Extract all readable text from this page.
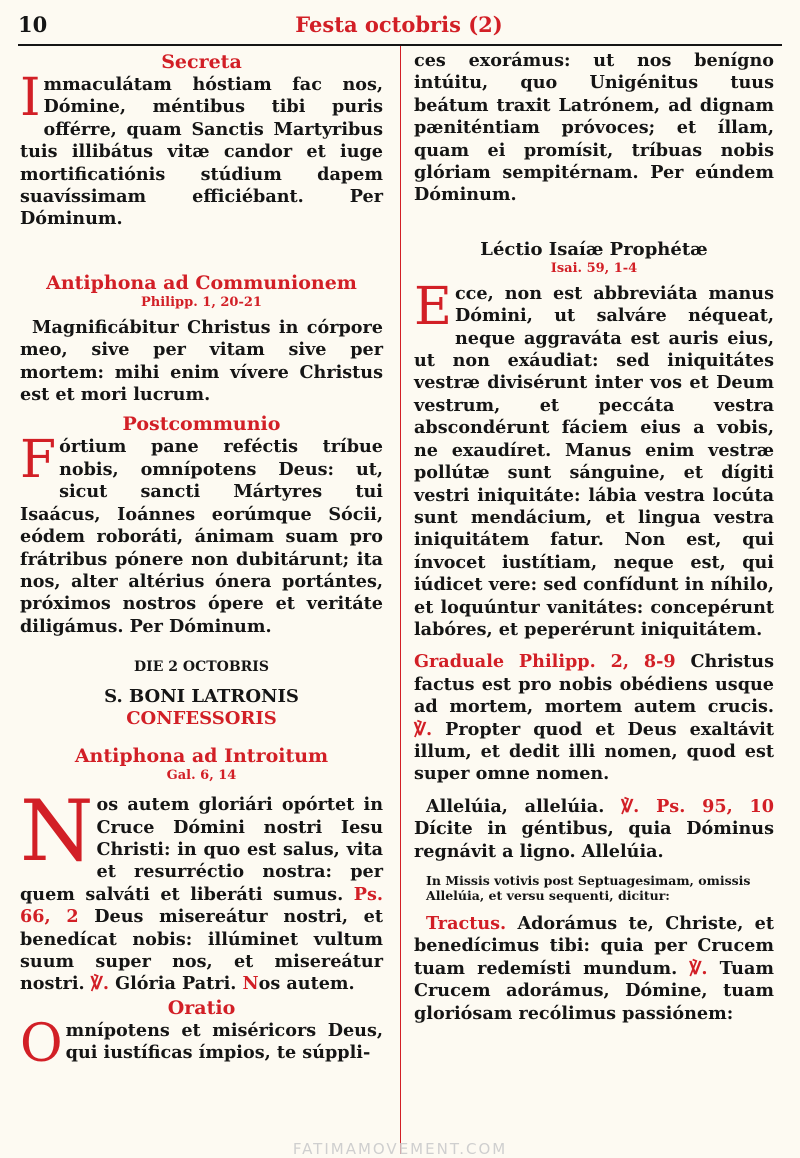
10	Festa octobris (2)
Secreta

Immaculátam hóstiam fac nos, Dómine, méntibus tibi puris offérre, quam Sanctis Martyribus tuis illibátus vitæ candor et iuge mortificatiónis stúdium dapem suavíssimam efficiébant. Per Dóminum.

Antiphona ad Communionem
Philipp. 1, 20-21

Magnificábitur Christus in córpore meo, sive per vitam sive per mortem: mihi enim vívere Christus est et mori lucrum.

Postcommunio

Fórtium pane reféctis tríbue nobis, omnípotens Deus: ut, sicut sancti Mártyres tui Isaácus, Ioánnes eorúmque Sócii, eódem roboráti, ánimam suam pro frátribus pónere non dubitárunt; ita nos, alter altérius ónera portántes, próximos nostros ópere et veritáte diligámus. Per Dóminum.

DIE 2 OCTOBRIS
S. BONI LATRONIS
CONFESSORIS
Antiphona ad Introitum
Gal. 6, 14

Nos autem gloriári opórtet in Cruce Dómini nostri Iesu Christi: in quo est salus, vita et resurréctio nostra: per quem salváti et liberáti sumus. Ps. 66, 2 Deus misereátur nostri, et benedícat nobis: illúminet vultum suum super nos, et misereátur nostri. ℣. Glória Patri. Nos autem.

Oratio

Omnípotens et miséricors Deus, qui iustíficas ímpios, te súppli-

ces exorámus: ut nos benígno intúitu, quo Unigénitus tuus beátum traxit Latrónem, ad dignam pæniténtiam próvoces; et íllam, quam ei promísit, tríbuas nobis glóriam sempitérnam. Per eúndem Dóminum.

Léctio Isaíæ Prophétæ
Isai. 59, 1-4

Ecce, non est abbreviáta manus Dómini, ut salváre néqueat, neque aggraváta est auris eius, ut non exáudiat: sed iniquitátes vestræ divisérunt inter vos et Deum vestrum, et peccáta vestra abscondérunt fáciem eius a vobis, ne exaudíret. Manus enim vestræ pollútæ sunt sánguine, et dígiti vestri iniquitáte: lábia vestra locúta sunt mendácium, et lingua vestra iniquitátem fatur. Non est, qui ínvocet iustítiam, neque est, qui iúdicet vere: sed confídunt in níhilo, et loquúntur vanitátes: concepérunt labóres, et peperérunt iniquitátem.

Graduale Philipp. 2, 8-9 Christus factus est pro nobis obédiens usque ad mortem, mortem autem crucis. ℣. Propter quod et Deus exaltávit illum, et dedit illi nomen, quod est super omne nomen.

Allelúia, allelúia. ℣. Ps. 95, 10 Dícite in géntibus, quia Dóminus regnávit a ligno. Allelúia.

In Missis votivis post Septuagesimam, omissis Allelúia, et versu sequenti, dicitur:

Tractus. Adorámus te, Christe, et benedícimus tibi: quia per Crucem tuam redemísti mundum. ℣. Tuam Crucem adorámus, Dómine, tuam gloriósam recólimus passiónem:

FATIMAMOVEMENT.COM
